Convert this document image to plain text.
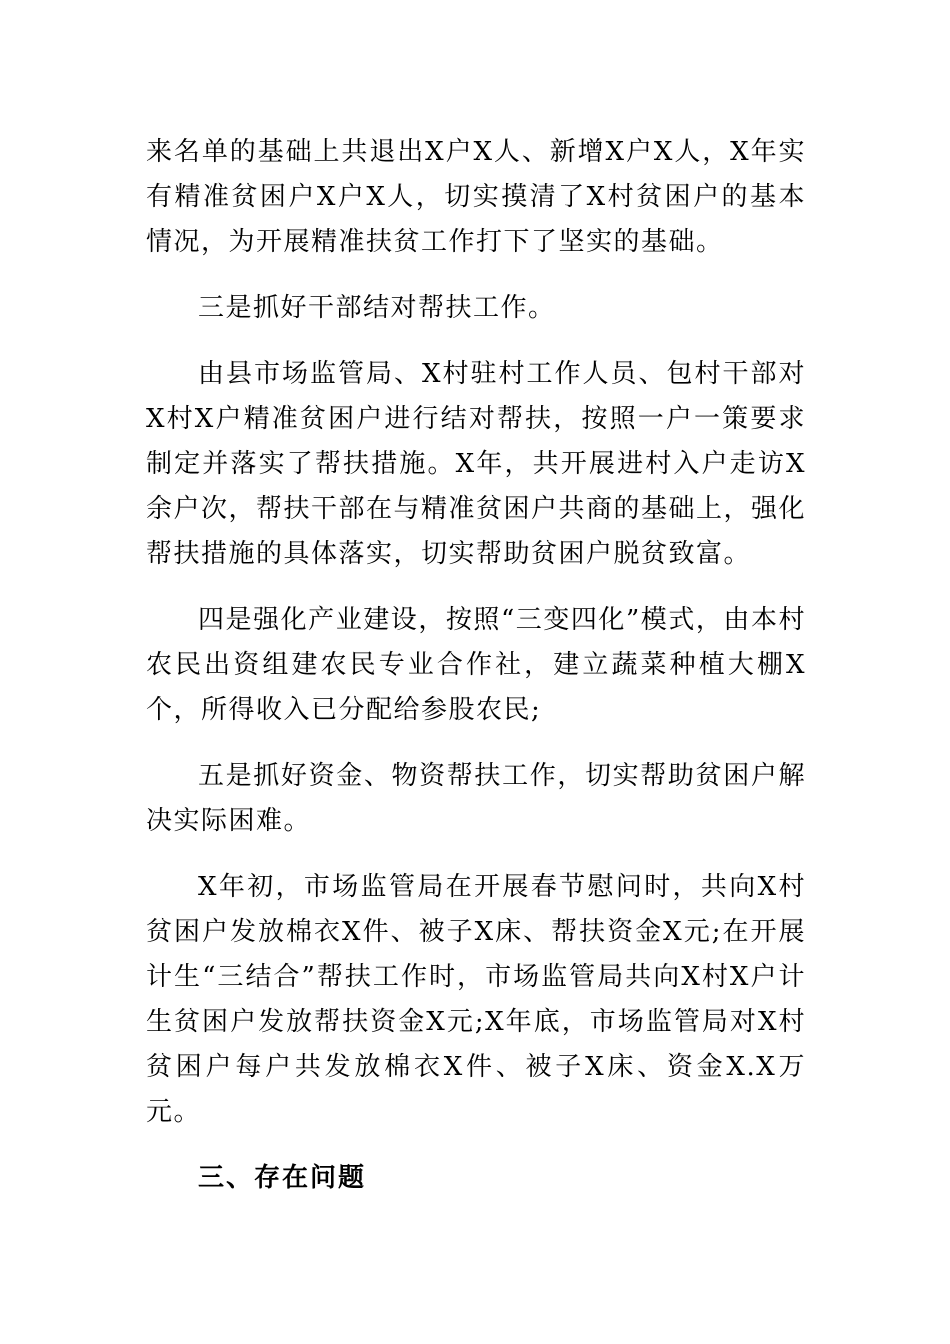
来名单的基础上共退出X户X人、新增X户X人，X年实有精准贫困户X户X人，切实摸清了X村贫困户的基本情况，为开展精准扶贫工作打下了坚实的基础。

三是抓好干部结对帮扶工作。

由县市场监管局、X村驻村工作人员、包村干部对X村X户精准贫困户进行结对帮扶，按照一户一策要求制定并落实了帮扶措施。X年，共开展进村入户走访X余户次，帮扶干部在与精准贫困户共商的基础上，强化帮扶措施的具体落实，切实帮助贫困户脱贫致富。

四是强化产业建设，按照“三变四化”模式，由本村农民出资组建农民专业合作社，建立蔬菜种植大棚X个，所得收入已分配给参股农民;

五是抓好资金、物资帮扶工作，切实帮助贫困户解决实际困难。

X年初，市场监管局在开展春节慰问时，共向X村贫困户发放棉衣X件、被子X床、帮扶资金X元;在开展计生“三结合”帮扶工作时，市场监管局共向X村X户计生贫困户发放帮扶资金X元;X年底，市场监管局对X村贫困户每户共发放棉衣X件、被子X床、资金X.X万元。

三、存在问题
